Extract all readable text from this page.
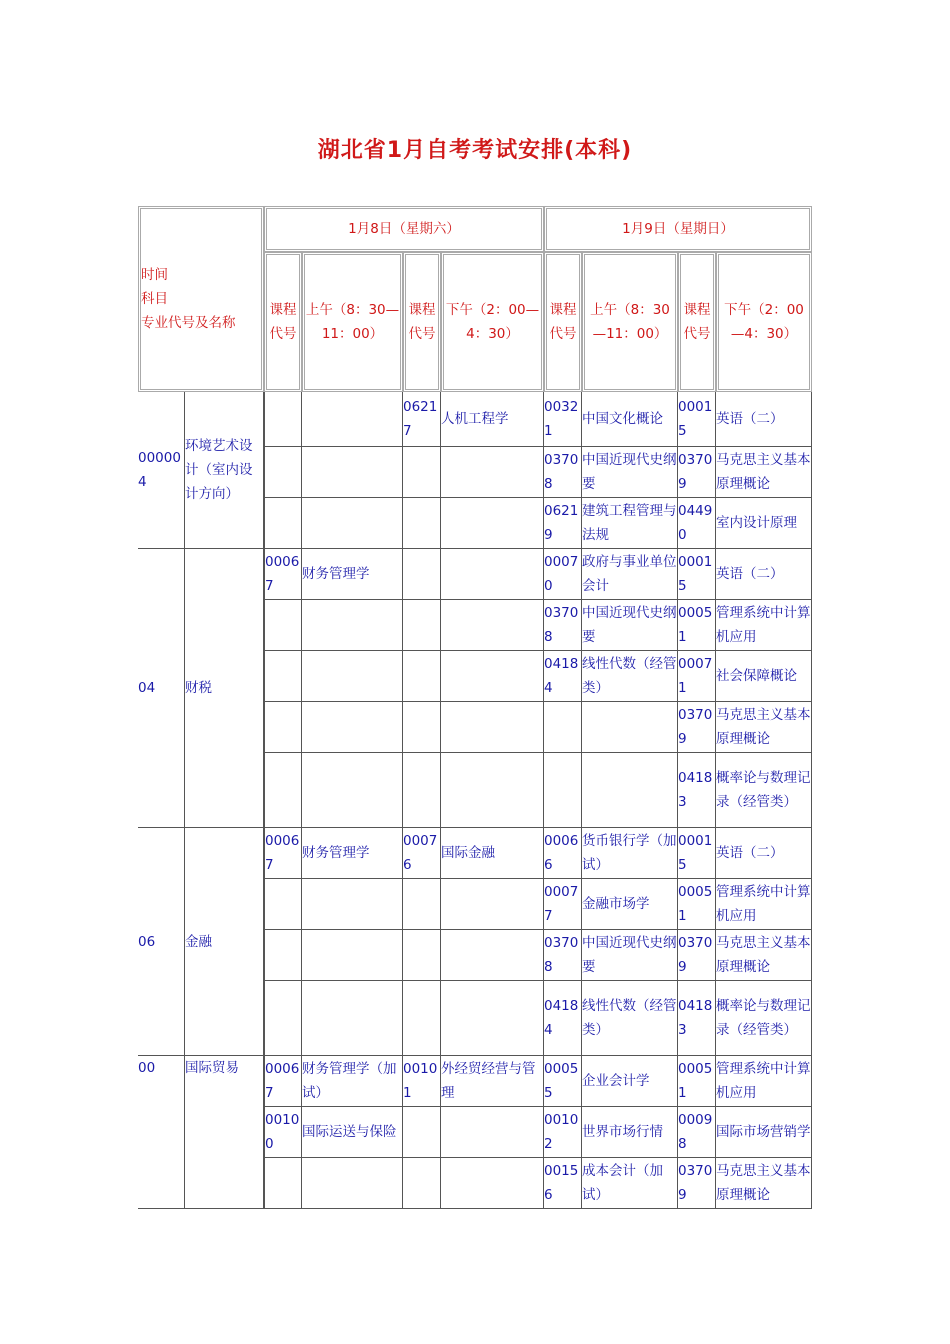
湖北省1月自考考试安排(本科)
时间
科目
专业代号及名称		1月8日（星期六）				1月9日（星期日）			
		课程代号	上午（8：30—11：00）	课程代号	下午（2：00—4：30）	课程代号	上午（8：30—11：00）	课程代号	下午（2：00—4：30）
000004	环境艺术设计（室内设计方向）			06217	人机工程学	00321	中国文化概论	00015	英语（二）
						03708	中国近现代史纲要	03709	马克思主义基本原理概论
						06219	建筑工程管理与法规	04490	室内设计原理
04	财税	00067	财务管理学			00070	政府与事业单位会计	00015	英语（二）
						03708	中国近现代史纲要	00051	管理系统中计算机应用
						04184	线性代数（经管类）	00071	社会保障概论
								03709	马克思主义基本原理概论
								04183	概率论与数理记录（经管类）
06	金融	00067	财务管理学	00076	国际金融	00066	货币银行学（加试）	00015	英语（二）
						00077	金融市场学	00051	管理系统中计算机应用
						03708	中国近现代史纲要	03709	马克思主义基本原理概论
						04184	线性代数（经管类）	04183	概率论与数理记录（经管类）
00	国际贸易	00067	财务管理学（加试）	00101	外经贸经营与管理	00055	企业会计学	00051	管理系统中计算机应用
		00100	国际运送与保险			00102	世界市场行情	00098	国际市场营销学
						00156	成本会计（加试）	03709	马克思主义基本原理概论
